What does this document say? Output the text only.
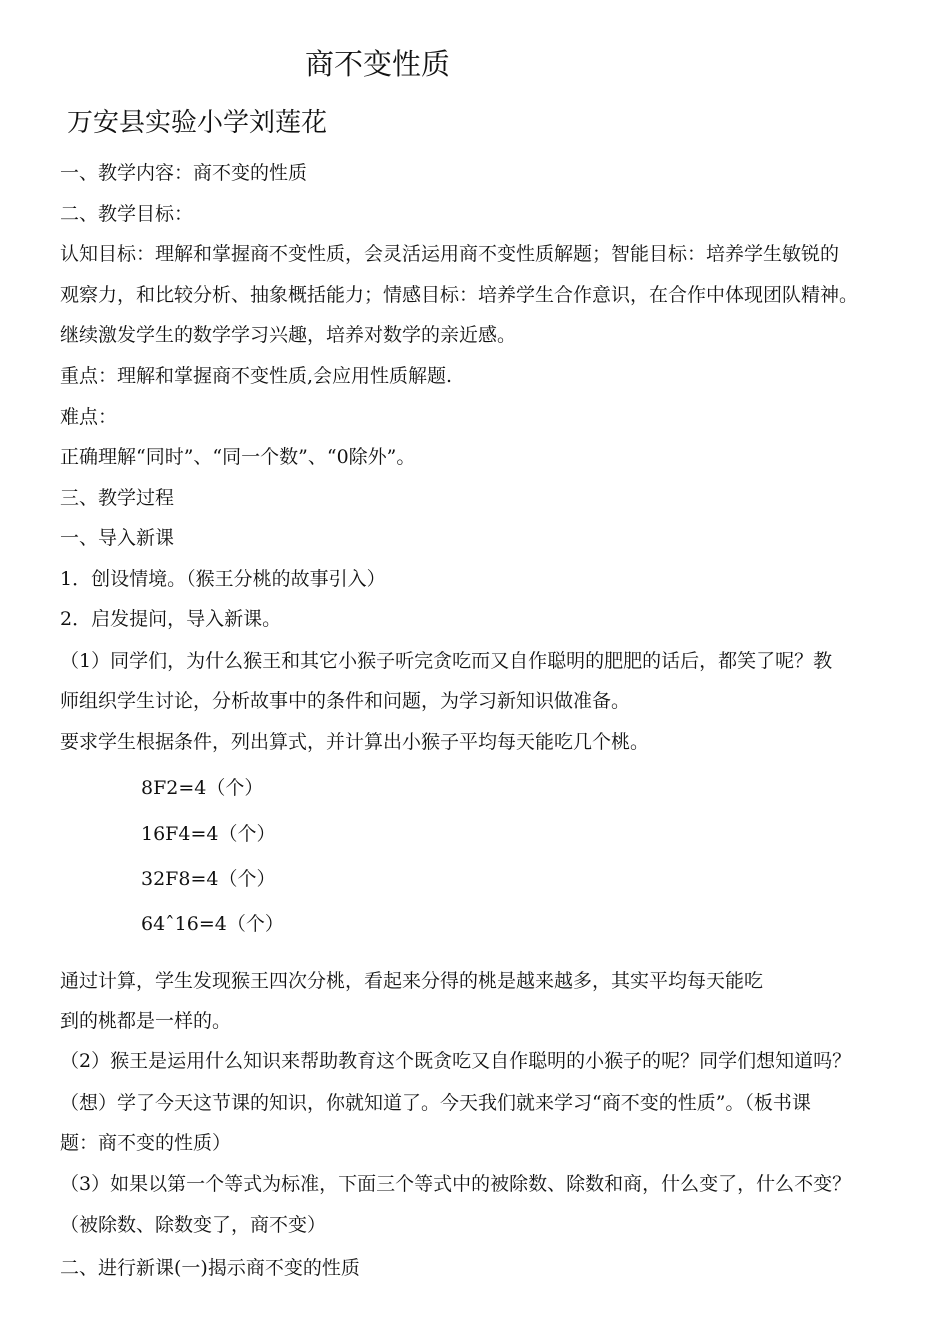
商不变性质
万安县实验小学刘莲花
一、教学内容：商不变的性质
二、教学目标：
认知目标：理解和掌握商不变性质，会灵活运用商不变性质解题；智能目标：培养学生敏锐的
观察力，和比较分析、抽象概括能力；情感目标：培养学生合作意识，在合作中体现团队精神。
继续激发学生的数学学习兴趣，培养对数学的亲近感。
重点：理解和掌握商不变性质,会应用性质解题.
难点：
正确理解“同时”、“同一个数”、“0除外”。
三、教学过程
一、导入新课
1．创设情境。（猴王分桃的故事引入）
2．启发提问，导入新课。
（1）同学们，为什么猴王和其它小猴子听完贪吃而又自作聪明的肥肥的话后，都笑了呢？教
师组织学生讨论，分析故事中的条件和问题，为学习新知识做准备。
要求学生根据条件，列出算式，并计算出小猴子平均每天能吃几个桃。
8F2=4（个）
16F4=4（个）
32F8=4（个）
64ˆ16=4（个）
通过计算，学生发现猴王四次分桃，看起来分得的桃是越来越多，其实平均每天能吃
到的桃都是一样的。
（2）猴王是运用什么知识来帮助教育这个既贪吃又自作聪明的小猴子的呢？同学们想知道吗？
（想）学了今天这节课的知识，你就知道了。今天我们就来学习“商不变的性质”。（板书课
题：商不变的性质）
（3）如果以第一个等式为标准，下面三个等式中的被除数、除数和商，什么变了，什么不变？
（被除数、除数变了，商不变）
二、进行新课(一)揭示商不变的性质
